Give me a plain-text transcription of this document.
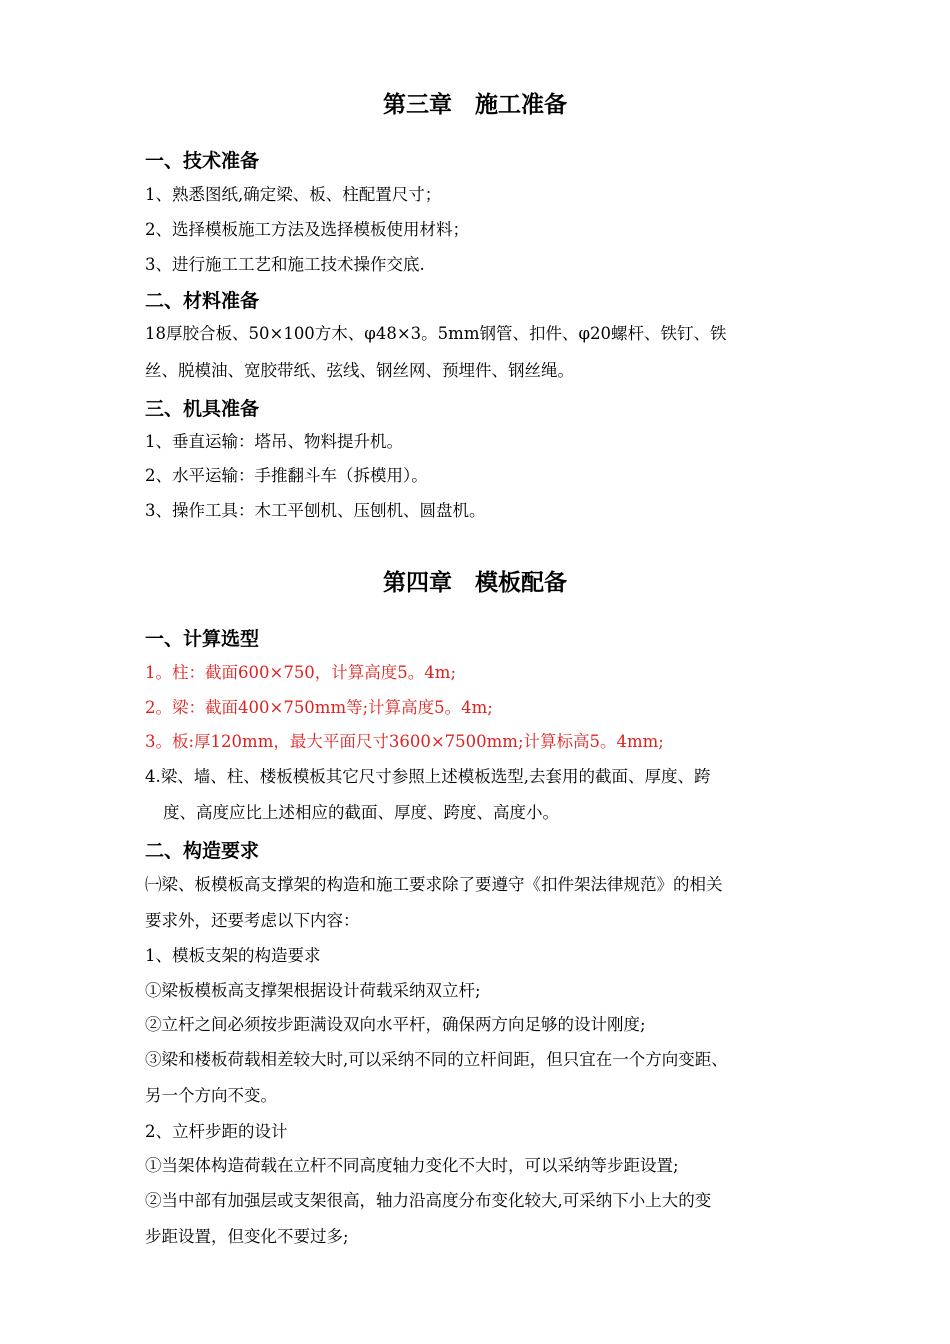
第三章　施工准备
一、技术准备

1、熟悉图纸,确定梁、板、柱配置尺寸；

2、选择模板施工方法及选择模板使用材料；

3、进行施工工艺和施工技术操作交底.

二、材料准备

18厚胶合板、50×100方木、φ48×3。5mm钢管、扣件、φ20螺杆、铁钉、铁

丝、脱模油、宽胶带纸、弦线、钢丝网、预埋件、钢丝绳。

三、机具准备

1、垂直运输：塔吊、物料提升机。

2、水平运输：手推翻斗车（拆模用）。

3、操作工具：木工平刨机、压刨机、圆盘机。

第四章　模板配备
一、计算选型

1。柱：截面600×750，计算高度5。4m;

2。梁：截面400×750mm等;计算高度5。4m;

3。板:厚120mm，最大平面尺寸3600×7500mm;计算标高5。4mm;

4.梁、墙、柱、楼板模板其它尺寸参照上述模板选型,去套用的截面、厚度、跨

度、高度应比上述相应的截面、厚度、跨度、高度小。

二、构造要求

㈠梁、板模板高支撑架的构造和施工要求除了要遵守《扣件架法律规范》的相关

要求外，还要考虑以下内容：

1、模板支架的构造要求

①梁板模板高支撑架根据设计荷载采纳双立杆;

②立杆之间必须按步距满设双向水平杆，确保两方向足够的设计刚度;

③梁和楼板荷载相差较大时,可以采纳不同的立杆间距，但只宜在一个方向变距、

另一个方向不变。

2、立杆步距的设计

①当架体构造荷载在立杆不同高度轴力变化不大时，可以采纳等步距设置;

②当中部有加强层或支架很高，轴力沿高度分布变化较大,可采纳下小上大的变

步距设置，但变化不要过多;
